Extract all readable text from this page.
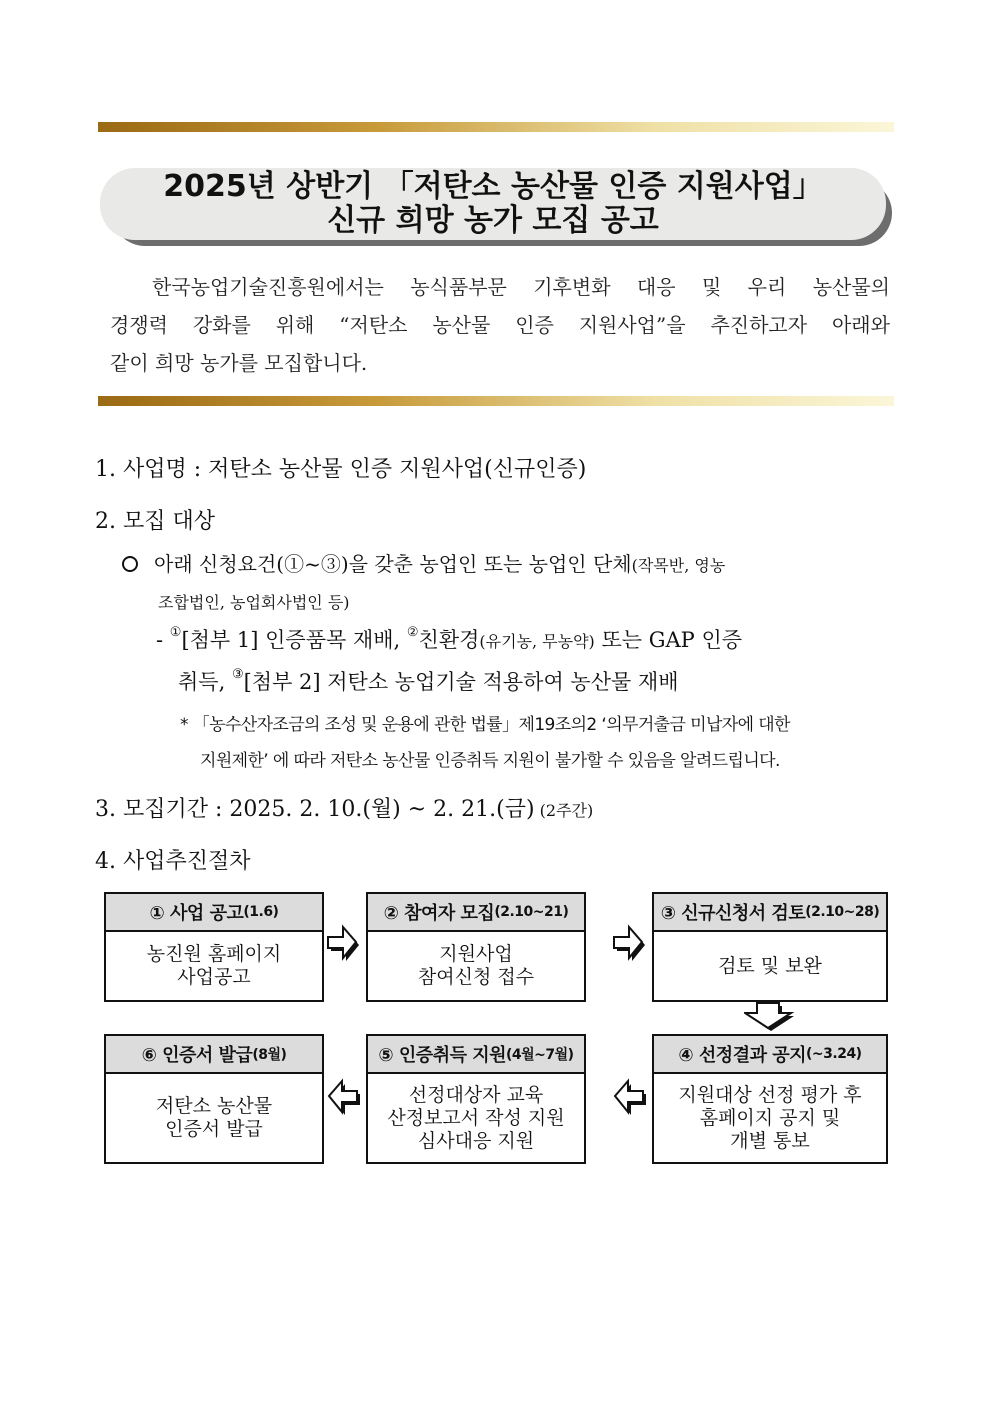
2025년 상반기 「저탄소 농산물 인증 지원사업」
신규 희망 농가 모집 공고
한국농업기술진흥원에서는 농식품부문 기후변화 대응 및 우리 농산물의
경쟁력 강화를 위해 “저탄소 농산물 인증 지원사업”을 추진하고자 아래와
같이 희망 농가를 모집합니다.
1. 사업명 : 저탄소 농산물 인증 지원사업(신규인증)
2. 모집 대상
아래 신청요건(①~③)을 갖춘 농업인 또는 농업인 단체(작목반, 영농
조합법인, 농업회사법인 등)
- ①[첨부 1] 인증품목 재배, ②친환경(유기농, 무농약) 또는 GAP 인증
취득, ③[첨부 2] 저탄소 농업기술 적용하여 농산물 재배
* 「농수산자조금의 조성 및 운용에 관한 법률」제19조의2 ‘의무거출금 미납자에 대한
지원제한’ 에 따라 저탄소 농산물 인증취득 지원이 불가할 수 있음을 알려드립니다.
3. 모집기간 : 2025. 2. 10.(월) ~ 2. 21.(금) (2주간)
4. 사업추진절차
① 사업 공고 (1.6)
농진원 홈페이지
사업공고
② 참여자 모집 (2.10~21)
지원사업
참여신청 접수
③ 신규신청서 검토 (2.10~28)
검토 및 보완
④ 선정결과 공지 (~3.24)
지원대상 선정 평가 후
홈페이지 공지 및
개별 통보
⑤ 인증취득 지원 (4월~7월)
선정대상자 교육
산정보고서 작성 지원
심사대응 지원
⑥ 인증서 발급 (8월)
저탄소 농산물
인증서 발급
